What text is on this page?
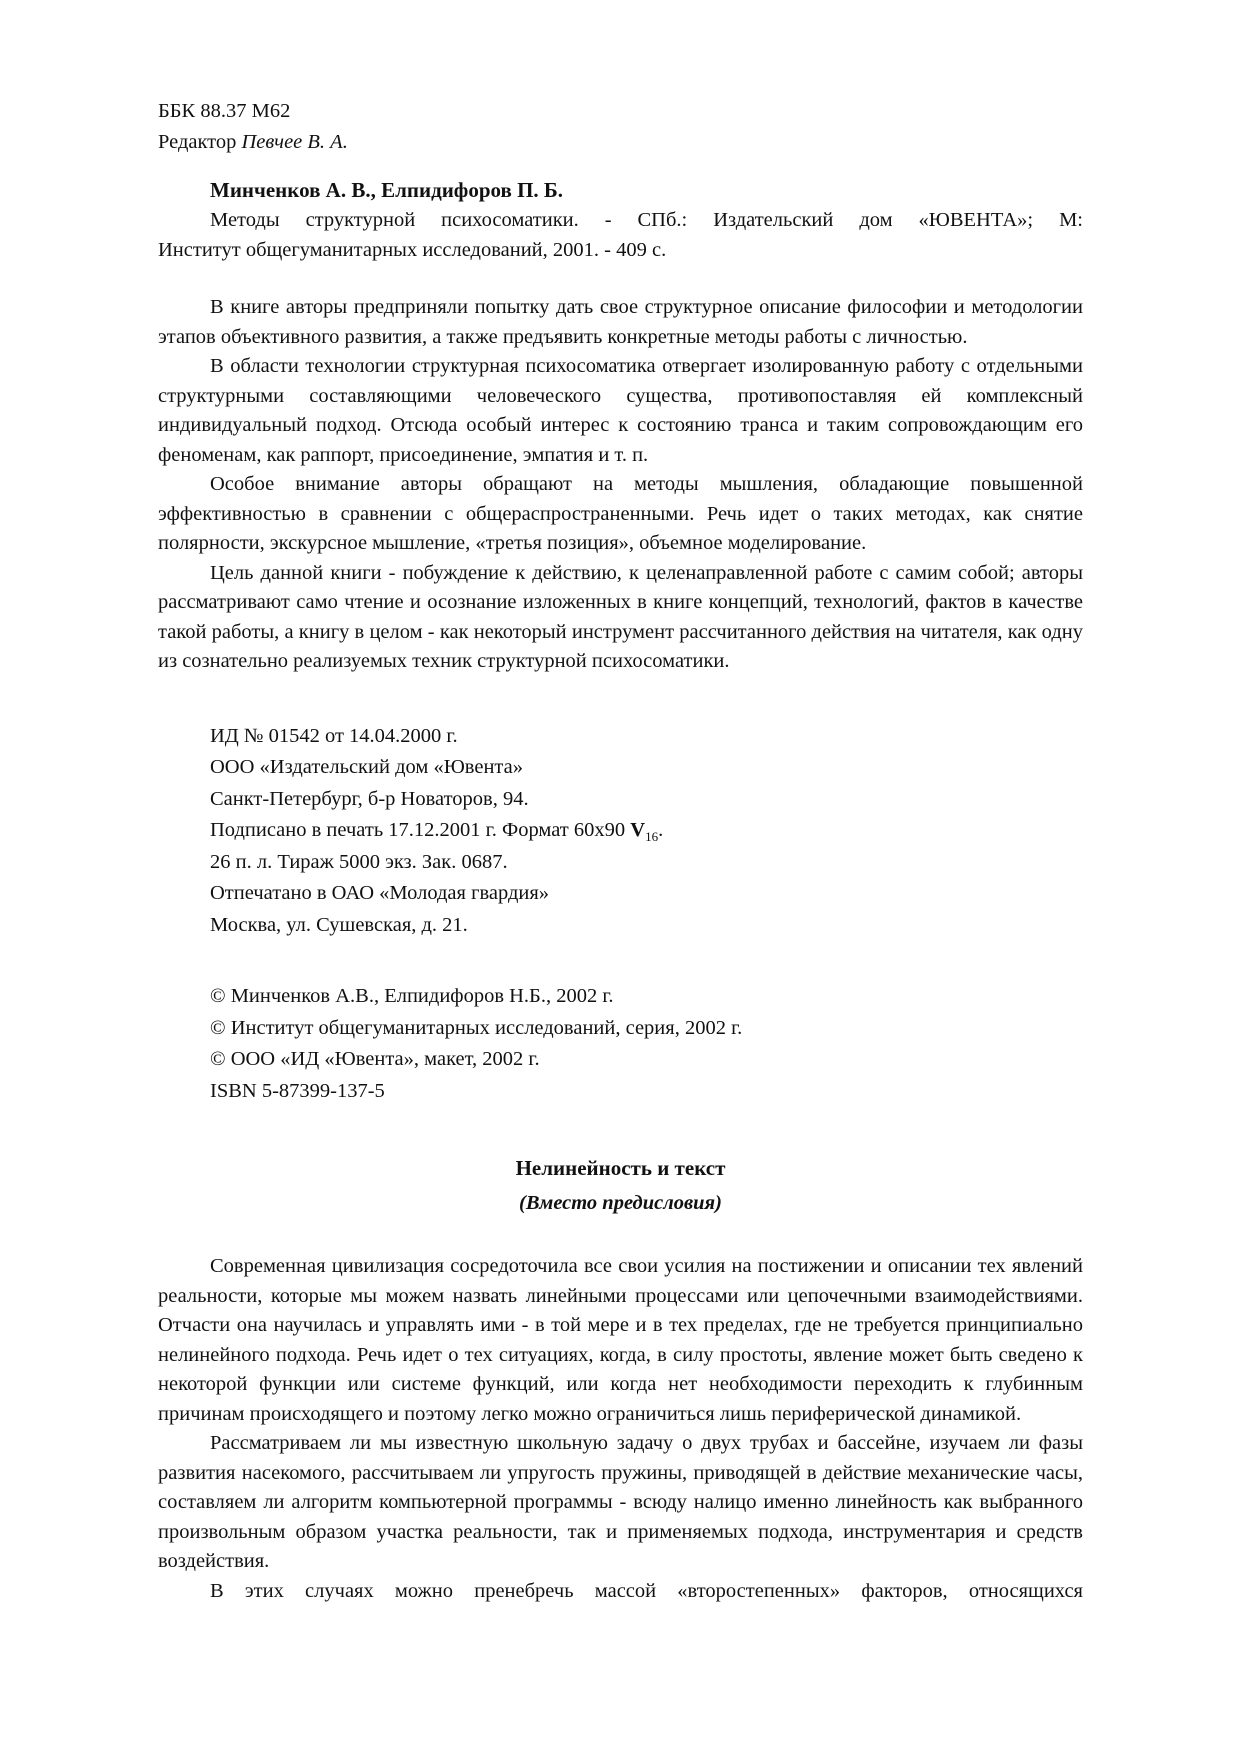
ББК 88.37 М62
Редактор Певчее В. А.
Минченков А. В., Елпидифоров П. Б.
Методы структурной психосоматики. - СПб.: Издательский дом «ЮВЕНТА»; М:
Институт общегуманитарных исследований, 2001. - 409 с.

В книге авторы предприняли попытку дать свое структурное описание философии и методологии этапов объективного развития, а также предъявить конкретные методы работы с личностью.

В области технологии структурная психосоматика отвергает изолированную работу с отдельными структурными составляющими человеческого существа, противопоставляя ей комплексный индивидуальный подход. Отсюда особый интерес к состоянию транса и таким сопровождающим его феноменам, как раппорт, присоединение, эмпатия и т. п.

Особое внимание авторы обращают на методы мышления, обладающие повышенной эффективностью в сравнении с общераспространенными. Речь идет о таких методах, как снятие полярности, экскурсное мышление, «третья позиция», объемное моделирование.

Цель данной книги - побуждение к действию, к целенаправленной работе с самим собой; авторы рассматривают само чтение и осознание изложенных в книге концепций, технологий, фактов в качестве такой работы, а книгу в целом - как некоторый инструмент рассчитанного действия на читателя, как одну из сознательно реализуемых техник структурной психосоматики.

ИД № 01542 от 14.04.2000 г.
ООО «Издательский дом «Ювента»
Санкт-Петербург, б-р Новаторов, 94.
Подписано в печать 17.12.2001 г. Формат 60х90 $V_{16}$.
26 п. л. Тираж 5000 экз. Зак. 0687.
Отпечатано в ОАО «Молодая гвардия»
Москва, ул. Сушевская, д. 21.
© Минченков А.В., Елпидифоров Н.Б., 2002 г.
© Институт общегуманитарных исследований, серия, 2002 г.
© ООО «ИД «Ювента», макет, 2002 г.
ISBN 5-87399-137-5
Нелинейность и текст
(Вместо предисловия)

Современная цивилизация сосредоточила все свои усилия на постижении и описании тех явлений реальности, которые мы можем назвать линейными процессами или цепочечными взаимодействиями. Отчасти она научилась и управлять ими - в той мере и в тех пределах, где не требуется принципиально нелинейного подхода. Речь идет о тех ситуациях, когда, в силу простоты, явление может быть сведено к некоторой функции или системе функций, или когда нет необходимости переходить к глубинным причинам происходящего и поэтому легко можно ограничиться лишь периферической динамикой.

Рассматриваем ли мы известную школьную задачу о двух трубах и бассейне, изучаем ли фазы развития насекомого, рассчитываем ли упругость пружины, приводящей в действие механические часы, составляем ли алгоритм компьютерной программы - всюду налицо именно линейность как выбранного произвольным образом участка реальности, так и применяемых подхода, инструментария и средств воздействия.

В этих случаях можно пренебречь массой «второстепенных» факторов, относящихся
